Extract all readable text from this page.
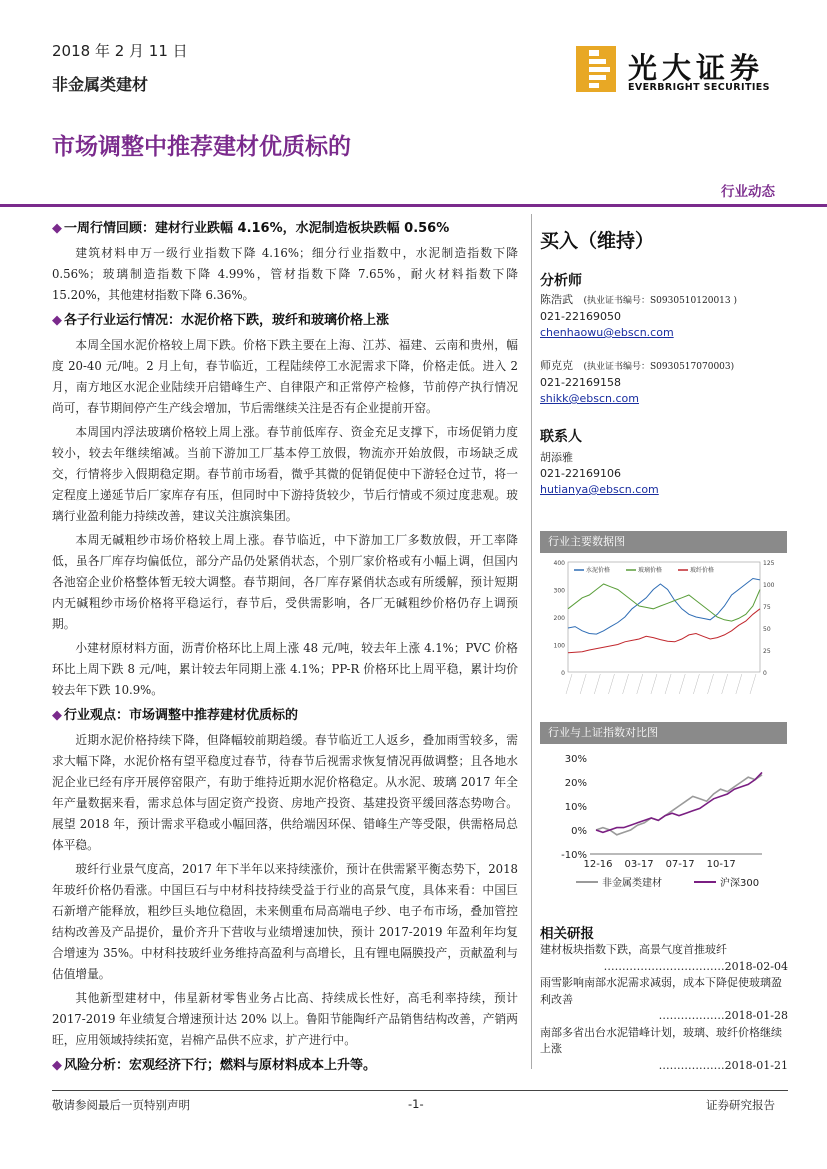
2018 年 2 月 11 日
非金属类建材
市场调整中推荐建材优质标的
光大证券
EVERBRIGHT SECURITIES
行业动态
◆ 一周行情回顾：建材行业跌幅 4.16%，水泥制造板块跌幅 0.56%

建筑材料申万一级行业指数下降 4.16%；细分行业指数中，水泥制造指数下降 0.56%；玻璃制造指数下降 4.99%，管材指数下降 7.65%，耐火材料指数下降 15.20%，其他建材指数下降 6.36%。

◆ 各子行业运行情况：水泥价格下跌，玻纤和玻璃价格上涨

本周全国水泥价格较上周下跌。价格下跌主要在上海、江苏、福建、云南和贵州，幅度 20-40 元/吨。2 月上旬，春节临近，工程陆续停工水泥需求下降，价格走低。进入 2 月，南方地区水泥企业陆续开启错峰生产、自律限产和正常停产检修，节前停产执行情况尚可，春节期间停产生产线会增加，节后需继续关注是否有企业提前开窑。

本周国内浮法玻璃价格较上周上涨。春节前低库存、资金充足支撑下，市场促销力度较小，较去年继续缩减。当前下游加工厂基本停工放假，物流亦开始放假，市场缺乏成交，行情将步入假期稳定期。春节前市场看，微乎其微的促销促使中下游轻仓过节，将一定程度上递延节后厂家库存有压，但同时中下游持货较少，节后行情或不须过度悲观。玻璃行业盈利能力持续改善，建议关注旗滨集团。

本周无碱粗纱市场价格较上周上涨。春节临近，中下游加工厂多数放假，开工率降低，虽各厂库存均偏低位，部分产品仍处紧俏状态，个别厂家价格或有小幅上调，但国内各池窑企业价格整体暂无较大调整。春节期间，各厂库存紧俏状态或有所缓解，预计短期内无碱粗纱市场价格将平稳运行，春节后，受供需影响，各厂无碱粗纱价格仍存上调预期。

小建材原材料方面，沥青价格环比上周上涨 48 元/吨，较去年上涨 4.1%；PVC 价格环比上周下跌 8 元/吨，累计较去年同期上涨 4.1%；PP-R 价格环比上周平稳，累计均价较去年下跌 10.9%。

◆ 行业观点：市场调整中推荐建材优质标的

近期水泥价格持续下降，但降幅较前期趋缓。春节临近工人返乡，叠加雨雪较多，需求大幅下降，水泥价格有望平稳度过春节，待春节后视需求恢复情况再做调整；且各地水泥企业已经有序开展停窑限产，有助于维持近期水泥价格稳定。从水泥、玻璃 2017 年全年产量数据来看，需求总体与固定资产投资、房地产投资、基建投资平缓回落态势吻合。展望 2018 年，预计需求平稳或小幅回落，供给端因环保、错峰生产等受限，供需格局总体平稳。

玻纤行业景气度高，2017 年下半年以来持续涨价，预计在供需紧平衡态势下，2018 年玻纤价格仍看涨。中国巨石与中材科技持续受益于行业的高景气度，具体来看：中国巨石新增产能释放，粗纱巨头地位稳固，未来侧重布局高端电子纱、电子布市场，叠加管控结构改善及产品提价，量价齐升下营收与业绩增速加快，预计 2017-2019 年盈利年均复合增速为 35%。中材科技玻纤业务维持高盈利与高增长，且有锂电隔膜投产，贡献盈利与估值增量。

其他新型建材中，伟星新材零售业务占比高、持续成长性好，高毛利率持续，预计 2017-2019 年业绩复合增速预计达 20% 以上。鲁阳节能陶纤产品销售结构改善，产销两旺，应用领域持续拓宽，岩棉产品供不应求，扩产进行中。

◆ 风险分析：宏观经济下行；燃料与原材料成本上升等。
买入（维持）
分析师
陈浩武 (执业证书编号：S0930510120013 )
021-22169050
chenhaowu@ebscn.com
师克克 (执业证书编号：S0930517070003)
021-22169158
shikk@ebscn.com
联系人
胡添雅
021-22169106
hutianya@ebscn.com
行业主要数据图
0
100
200
300
400
0
25
50
75
100
125
水泥价格	玻璃价格	玻纤价格
行业与上证指数对比图
30%
20%
10%
0%
-10%
12-16 03-17 07-17 10-17
非金属类建材	沪深300
相关研报
建材板块指数下跌，高景气度首推玻纤
……………………………2018-02-04
雨雪影响南部水泥需求减弱，成本下降促使玻璃盈利改善
………………2018-01-28
南部多省出台水泥错峰计划，玻璃、玻纤价格继续上涨
………………2018-01-21
敬请参阅最后一页特别声明	-1-	证券研究报告
